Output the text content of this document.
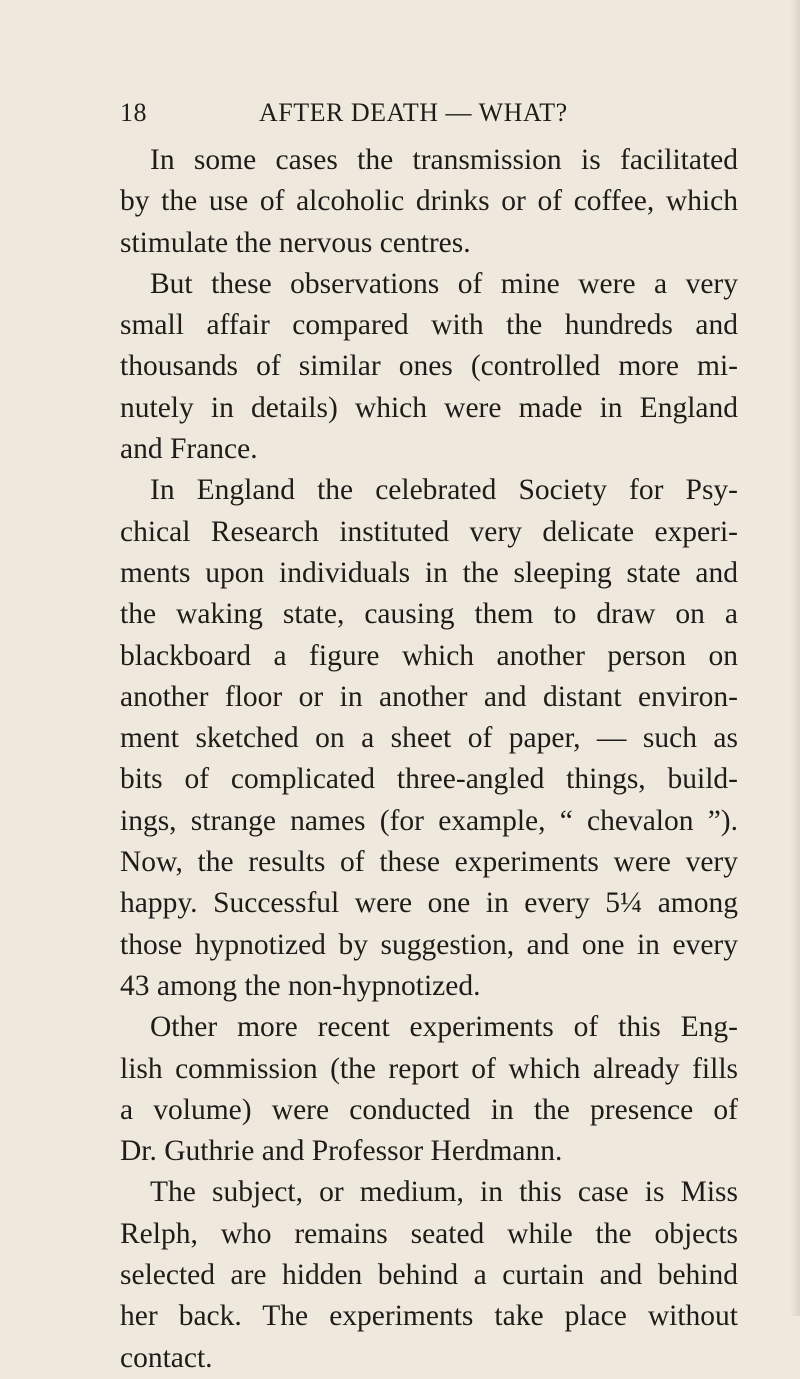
18	AFTER DEATH — WHAT?
In some cases the transmission is facilitated
by the use of alcoholic drinks or of coffee, which
stimulate the nervous centres.
But these observations of mine were a very
small affair compared with the hundreds and
thousands of similar ones (controlled more mi-
nutely in details) which were made in England
and France.
In England the celebrated Society for Psy-
chical Research instituted very delicate experi-
ments upon individuals in the sleeping state and
the waking state, causing them to draw on a
blackboard a figure which another person on
another floor or in another and distant environ-
ment sketched on a sheet of paper, — such as
bits of complicated three-angled things, build-
ings, strange names (for example, “ chevalon ”).
Now, the results of these experiments were very
happy. Successful were one in every 5¼ among
those hypnotized by suggestion, and one in every
43 among the non-hypnotized.
Other more recent experiments of this Eng-
lish commission (the report of which already fills
a volume) were conducted in the presence of
Dr. Guthrie and Professor Herdmann.
The subject, or medium, in this case is Miss
Relph, who remains seated while the objects
selected are hidden behind a curtain and behind
her back. The experiments take place without
contact.
